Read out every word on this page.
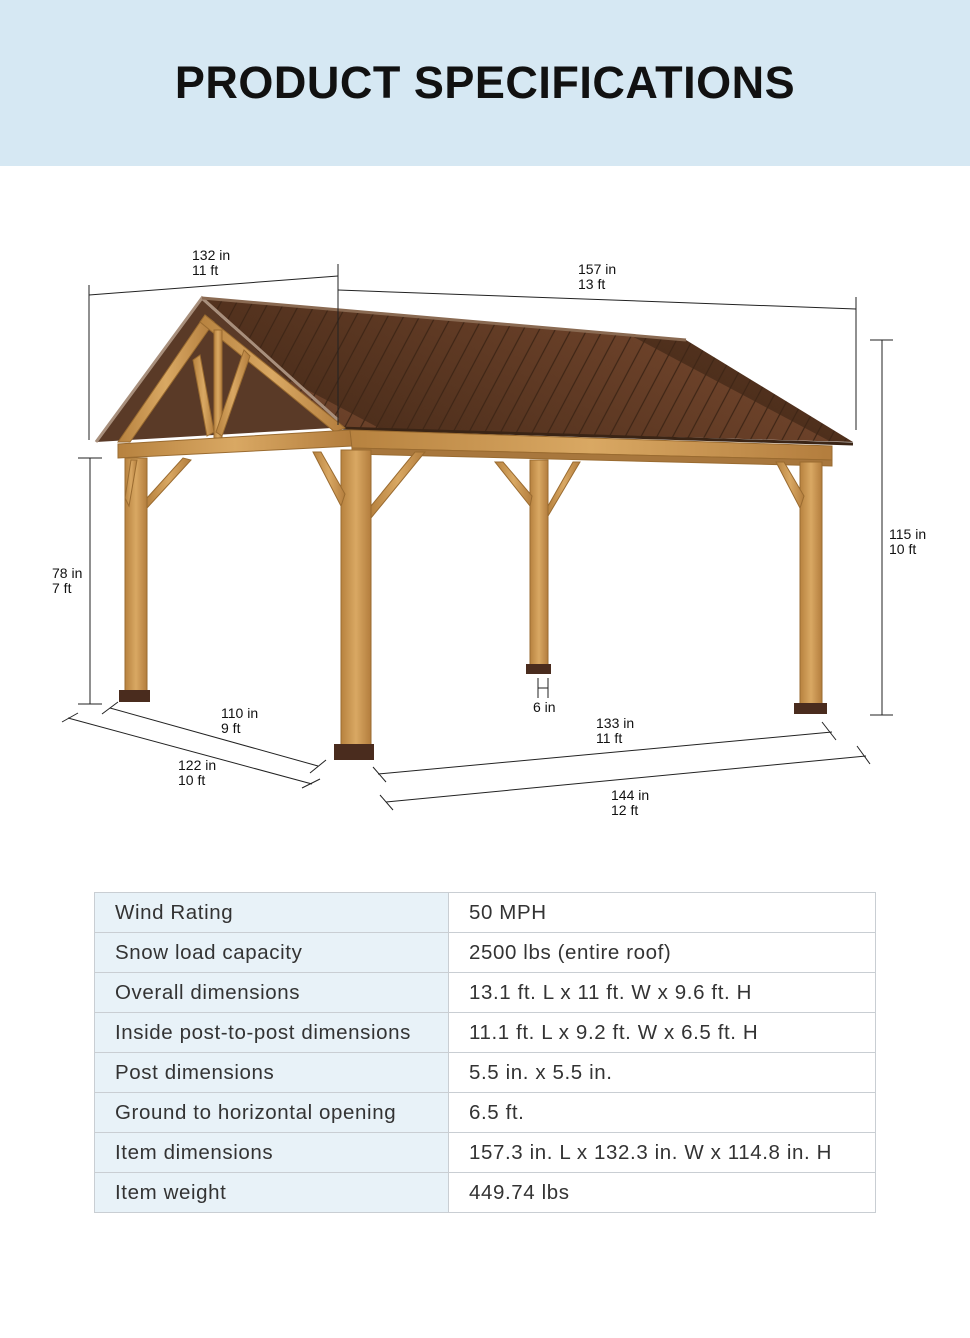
PRODUCT SPECIFICATIONS
132 in
11 ft	157 in
13 ft
115 in
10 ft
78 in
7 ft
110 in
9 ft
122 in
10 ft
6 in
133 in
11 ft
144 in
12 ft
Wind Rating	50 MPH
Snow load capacity	2500 lbs (entire roof)
Overall dimensions	13.1 ft. L x 11 ft. W x 9.6 ft. H
Inside post-to-post dimensions	11.1 ft. L x 9.2 ft. W x 6.5 ft. H
Post dimensions	5.5 in. x 5.5 in.
Ground to horizontal opening	6.5 ft.
Item dimensions	157.3 in. L x 132.3 in. W x 114.8 in. H
Item weight	449.74 lbs
